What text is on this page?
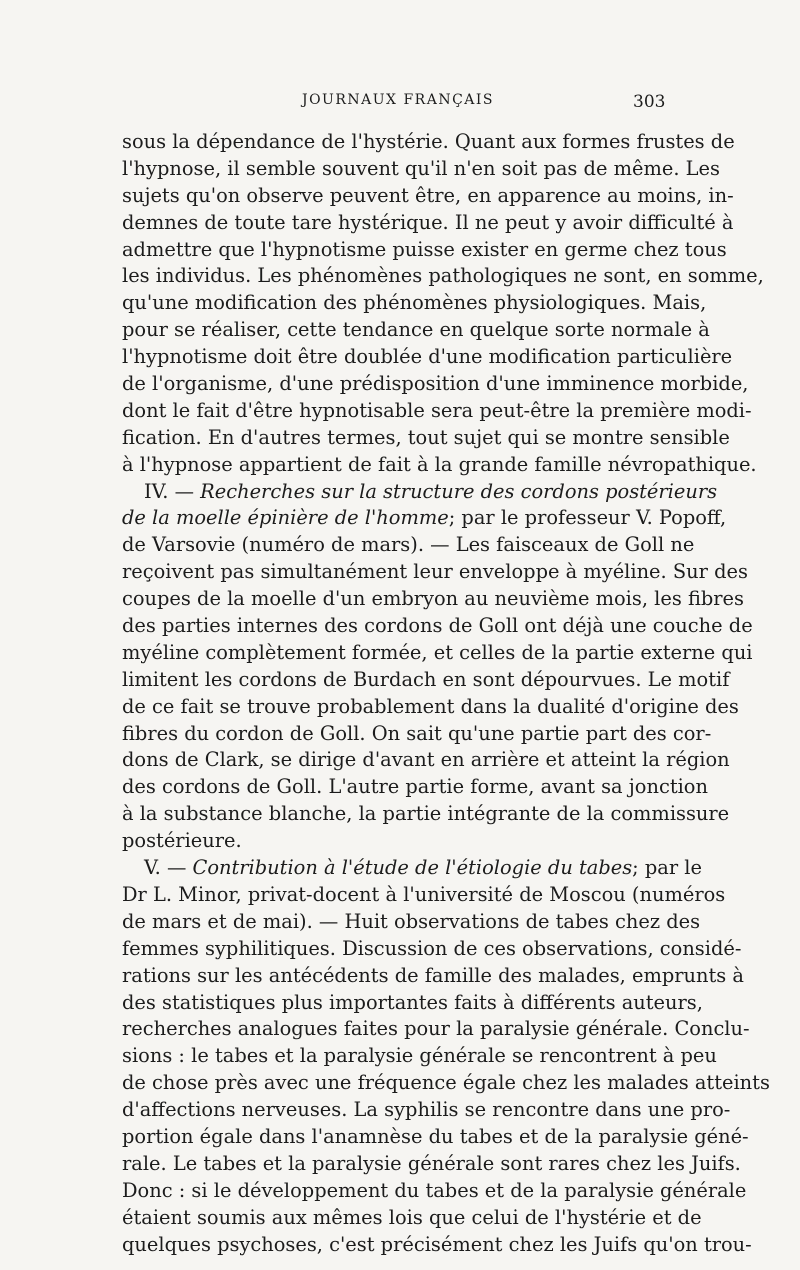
JOURNAUX FRANÇAIS	303
sous la dépendance de l'hystérie. Quant aux formes frustes de
l'hypnose, il semble souvent qu'il n'en soit pas de même. Les
sujets qu'on observe peuvent être, en apparence au moins, in-
demnes de toute tare hystérique. Il ne peut y avoir difficulté à
admettre que l'hypnotisme puisse exister en germe chez tous
les individus. Les phénomènes pathologiques ne sont, en somme,
qu'une modification des phénomènes physiologiques. Mais,
pour se réaliser, cette tendance en quelque sorte normale à
l'hypnotisme doit être doublée d'une modification particulière
de l'organisme, d'une prédisposition d'une imminence morbide,
dont le fait d'être hypnotisable sera peut-être la première modi-
fication. En d'autres termes, tout sujet qui se montre sensible
à l'hypnose appartient de fait à la grande famille névropathique.
IV. — Recherches sur la structure des cordons postérieurs
de la moelle épinière de l'homme; par le professeur V. Popoff,
de Varsovie (numéro de mars). — Les faisceaux de Goll ne
reçoivent pas simultanément leur enveloppe à myéline. Sur des
coupes de la moelle d'un embryon au neuvième mois, les fibres
des parties internes des cordons de Goll ont déjà une couche de
myéline complètement formée, et celles de la partie externe qui
limitent les cordons de Burdach en sont dépourvues. Le motif
de ce fait se trouve probablement dans la dualité d'origine des
fibres du cordon de Goll. On sait qu'une partie part des cor-
dons de Clark, se dirige d'avant en arrière et atteint la région
des cordons de Goll. L'autre partie forme, avant sa jonction
à la substance blanche, la partie intégrante de la commissure
postérieure.
V. — Contribution à l'étude de l'étiologie du tabes; par le
Dr L. Minor, privat-docent à l'université de Moscou (numéros
de mars et de mai). — Huit observations de tabes chez des
femmes syphilitiques. Discussion de ces observations, considé-
rations sur les antécédents de famille des malades, emprunts à
des statistiques plus importantes faits à différents auteurs,
recherches analogues faites pour la paralysie générale. Conclu-
sions : le tabes et la paralysie générale se rencontrent à peu
de chose près avec une fréquence égale chez les malades atteints
d'affections nerveuses. La syphilis se rencontre dans une pro-
portion égale dans l'anamnèse du tabes et de la paralysie géné-
rale. Le tabes et la paralysie générale sont rares chez les Juifs.
Donc : si le développement du tabes et de la paralysie générale
étaient soumis aux mêmes lois que celui de l'hystérie et de
quelques psychoses, c'est précisément chez les Juifs qu'on trou-
